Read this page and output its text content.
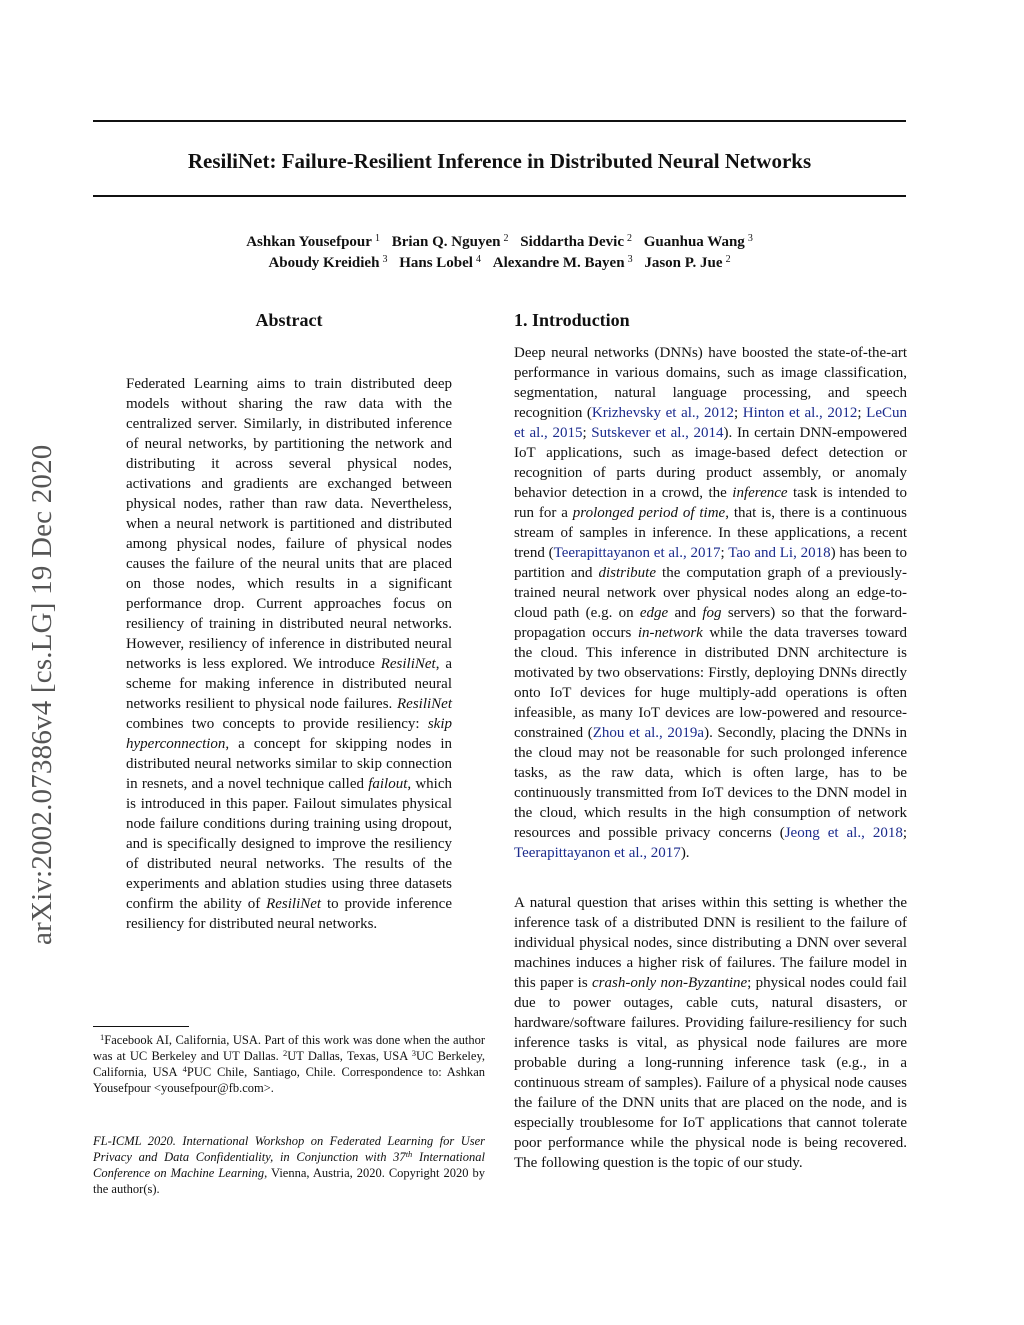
ResiliNet: Failure-Resilient Inference in Distributed Neural Networks
Ashkan Yousefpour  $^1$ Brian Q. Nguyen  $^2$ Siddartha Devic  $^2$ Guanhua Wang  $^3$
Aboudy Kreidieh  $^3$ Hans Lobel  $^4$ Alexandre M. Bayen  $^3$ Jason P. Jue  $^2$
arXiv:2002.07386v4 [cs.LG] 19 Dec 2020
Abstract
Federated Learning aims to train distributed deep models without sharing the raw data with the centralized server. Similarly, in distributed inference of neural networks, by partitioning the network and distributing it across several physical nodes, activations and gradients are exchanged between physical nodes, rather than raw data. Nevertheless, when a neural network is partitioned and distributed among physical nodes, failure of physical nodes causes the failure of the neural units that are placed on those nodes, which results in a significant performance drop. Current approaches focus on resiliency of training in distributed neural networks. However, resiliency of inference in distributed neural networks is less explored. We introduce ResiliNet, a scheme for making inference in distributed neural networks resilient to physical node failures. ResiliNet combines two concepts to provide resiliency: skip hyperconnection, a concept for skipping nodes in distributed neural networks similar to skip connection in resnets, and a novel technique called failout, which is introduced in this paper. Failout simulates physical node failure conditions during training using dropout, and is specifically designed to improve the resiliency of distributed neural networks. The results of the experiments and ablation studies using three datasets confirm the ability of ResiliNet to provide inference resiliency for distributed neural networks.
$^1$Facebook AI, California, USA. Part of this work was done when the author was at UC Berkeley and UT Dallas. $^2$UT Dallas, Texas, USA $^3$UC Berkeley, California, USA $^4$PUC Chile, Santiago, Chile. Correspondence to: Ashkan Yousefpour <yousefpour@fb.com>.
FL-ICML 2020. International Workshop on Federated Learning for User Privacy and Data Confidentiality, in Conjunction with 37th International Conference on Machine Learning, Vienna, Austria, 2020. Copyright 2020 by the author(s).
1. Introduction
Deep neural networks (DNNs) have boosted the state-of-the-art performance in various domains, such as image classification, segmentation, natural language processing, and speech recognition (Krizhevsky et al., 2012; Hinton et al., 2012; LeCun et al., 2015; Sutskever et al., 2014). In certain DNN-empowered IoT applications, such as image-based defect detection or recognition of parts during product assembly, or anomaly behavior detection in a crowd, the inference task is intended to run for a prolonged period of time, that is, there is a continuous stream of samples in inference. In these applications, a recent trend (Teerapittayanon et al., 2017; Tao and Li, 2018) has been to partition and distribute the computation graph of a previously-trained neural network over physical nodes along an edge-to-cloud path (e.g. on edge and fog servers) so that the forward-propagation occurs in-network while the data traverses toward the cloud. This inference in distributed DNN architecture is motivated by two observations: Firstly, deploying DNNs directly onto IoT devices for huge multiply-add operations is often infeasible, as many IoT devices are low-powered and resource-constrained (Zhou et al., 2019a). Secondly, placing the DNNs in the cloud may not be reasonable for such prolonged inference tasks, as the raw data, which is often large, has to be continuously transmitted from IoT devices to the DNN model in the cloud, which results in the high consumption of network resources and possible privacy concerns (Jeong et al., 2018; Teerapittayanon et al., 2017).
A natural question that arises within this setting is whether the inference task of a distributed DNN is resilient to the failure of individual physical nodes, since distributing a DNN over several machines induces a higher risk of failures. The failure model in this paper is crash-only non-Byzantine; physical nodes could fail due to power outages, cable cuts, natural disasters, or hardware/software failures. Providing failure-resiliency for such inference tasks is vital, as physical node failures are more probable during a long-running inference task (e.g., in a continuous stream of samples). Failure of a physical node causes the failure of the DNN units that are placed on the node, and is especially troublesome for IoT applications that cannot tolerate poor performance while the physical node is being recovered. The following question is the topic of our study.
